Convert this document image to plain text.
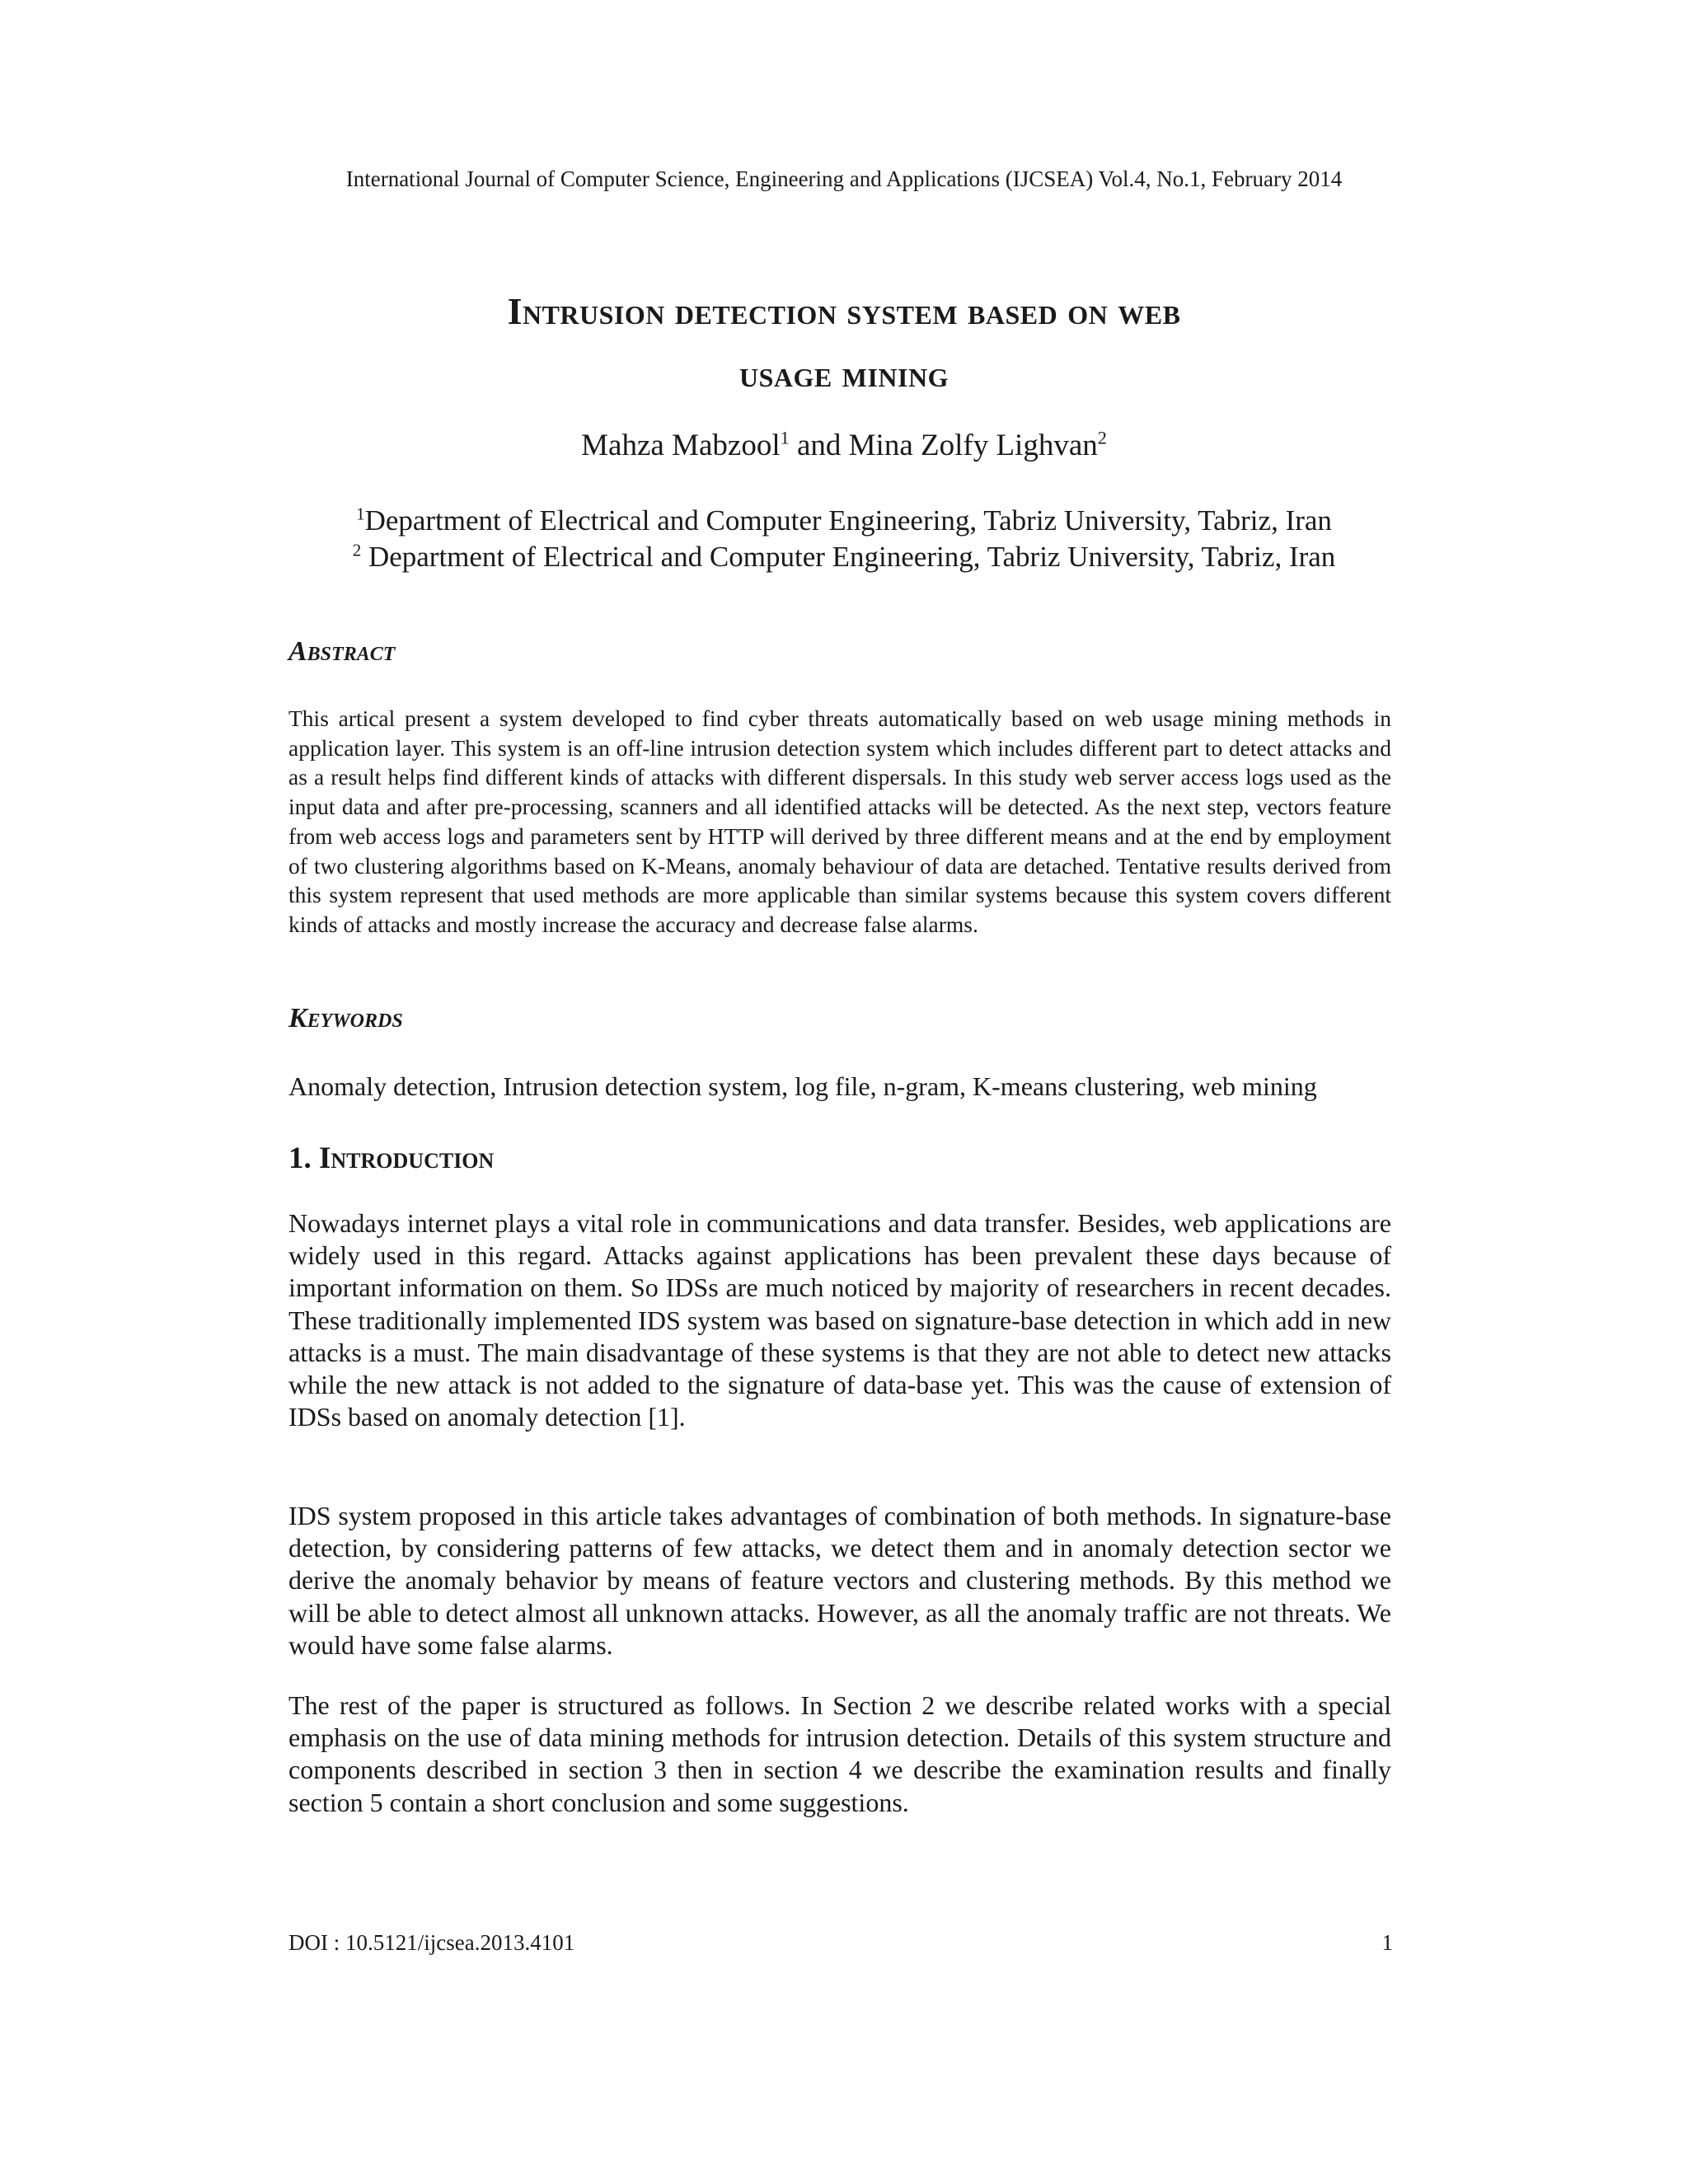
International Journal of Computer Science, Engineering and Applications (IJCSEA) Vol.4, No.1, February 2014
Intrusion detection system based on web
usage mining
Mahza Mabzool$^1$ and Mina Zolfy Lighvan$^2$
$^1$Department of Electrical and Computer Engineering, Tabriz University, Tabriz, Iran
$^2$ Department of Electrical and Computer Engineering, Tabriz University, Tabriz, Iran
Abstract

This artical present a system developed to find cyber threats automatically based on web usage mining methods in application layer. This system is an off-line intrusion detection system which includes different part to detect attacks and as a result helps find different kinds of attacks with different dispersals. In this study web server access logs used as the input data and after pre-processing, scanners and all identified attacks will be detected. As the next step, vectors feature from web access logs and parameters sent by HTTP will derived by three different means and at the end by employment of two clustering algorithms based on K-Means, anomaly behaviour of data are detached. Tentative results derived from this system represent that used methods are more applicable than similar systems because this system covers different kinds of attacks and mostly increase the accuracy and decrease false alarms.

Keywords

Anomaly detection, Intrusion detection system, log file, n-gram, K-means clustering, web mining

1. Introduction

Nowadays internet plays a vital role in communications and data transfer. Besides, web applications are widely used in this regard. Attacks against applications has been prevalent these days because of important information on them. So IDSs are much noticed by majority of researchers in recent decades. These traditionally implemented IDS system was based on signature-base detection in which add in new attacks is a must. The main disadvantage of these systems is that they are not able to detect new attacks while the new attack is not added to the signature of data-base yet. This was the cause of extension of IDSs based on anomaly detection [1].

IDS system proposed in this article takes advantages of combination of both methods. In signature-base detection, by considering patterns of few attacks, we detect them and in anomaly detection sector we derive the anomaly behavior by means of feature vectors and clustering methods. By this method we will be able to detect almost all unknown attacks. However, as all the anomaly traffic are not threats. We would have some false alarms.

The rest of the paper is structured as follows. In Section 2 we describe related works with a special emphasis on the use of data mining methods for intrusion detection. Details of this system structure and components described in section 3 then in section 4 we describe the examination results and finally section 5 contain a short conclusion and some suggestions.

DOI : 10.5121/ijcsea.2013.4101	1
